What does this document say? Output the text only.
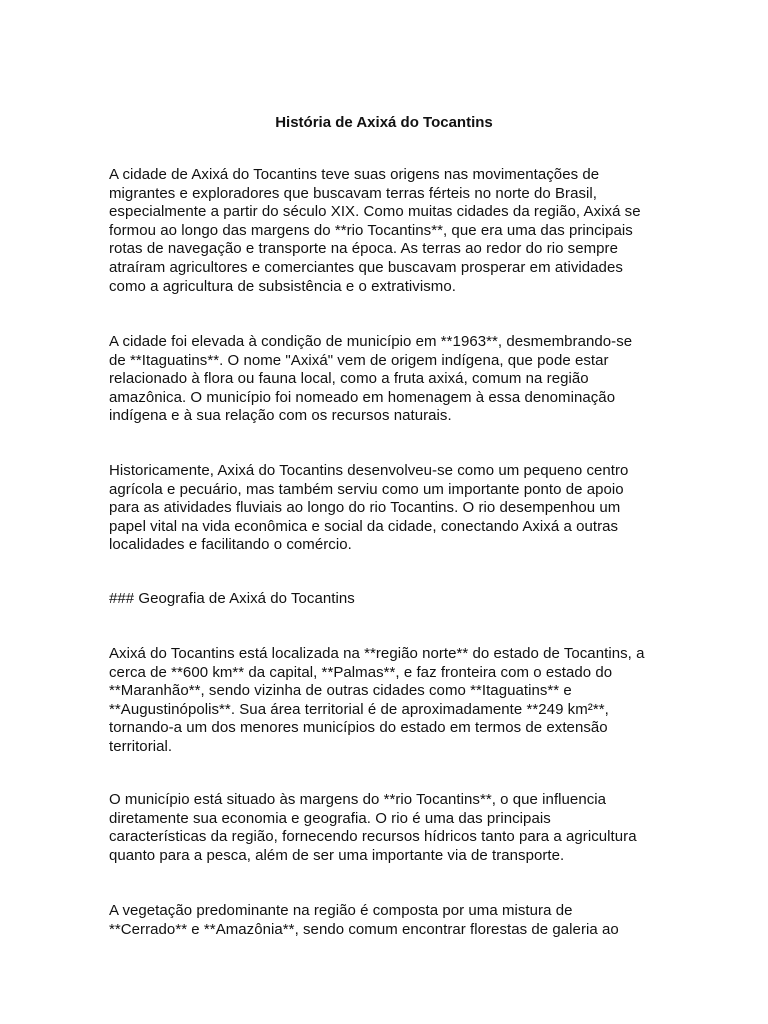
História de Axixá do Tocantins

A cidade de Axixá do Tocantins teve suas origens nas movimentações de
migrantes e exploradores que buscavam terras férteis no norte do Brasil,
especialmente a partir do século XIX. Como muitas cidades da região, Axixá se
formou ao longo das margens do **rio Tocantins**, que era uma das principais
rotas de navegação e transporte na época. As terras ao redor do rio sempre
atraíram agricultores e comerciantes que buscavam prosperar em atividades
como a agricultura de subsistência e o extrativismo.

A cidade foi elevada à condição de município em **1963**, desmembrando-se
de **Itaguatins**. O nome "Axixá" vem de origem indígena, que pode estar
relacionado à flora ou fauna local, como a fruta axixá, comum na região
amazônica. O município foi nomeado em homenagem à essa denominação
indígena e à sua relação com os recursos naturais.

Historicamente, Axixá do Tocantins desenvolveu-se como um pequeno centro
agrícola e pecuário, mas também serviu como um importante ponto de apoio
para as atividades fluviais ao longo do rio Tocantins. O rio desempenhou um
papel vital na vida econômica e social da cidade, conectando Axixá a outras
localidades e facilitando o comércio.

### Geografia de Axixá do Tocantins

Axixá do Tocantins está localizada na **região norte** do estado de Tocantins, a
cerca de **600 km** da capital, **Palmas**, e faz fronteira com o estado do
**Maranhão**, sendo vizinha de outras cidades como **Itaguatins** e
**Augustinópolis**. Sua área territorial é de aproximadamente **249 km²**,
tornando-a um dos menores municípios do estado em termos de extensão
territorial.

O município está situado às margens do **rio Tocantins**, o que influencia
diretamente sua economia e geografia. O rio é uma das principais
características da região, fornecendo recursos hídricos tanto para a agricultura
quanto para a pesca, além de ser uma importante via de transporte.

A vegetação predominante na região é composta por uma mistura de
**Cerrado** e **Amazônia**, sendo comum encontrar florestas de galeria ao
